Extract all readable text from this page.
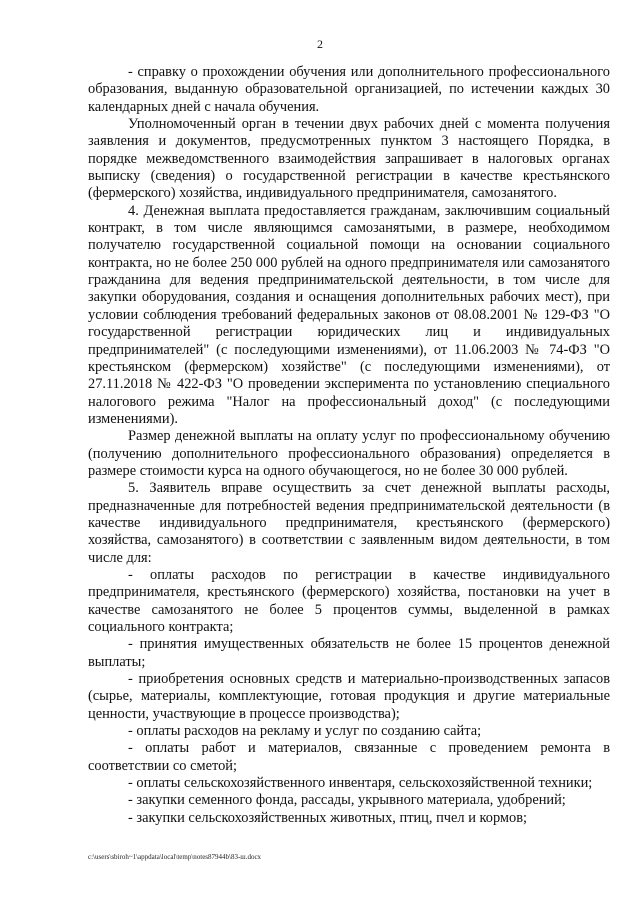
2

- справку о прохождении обучения или дополнительного профессионального образования, выданную образовательной организацией, по истечении каждых 30 календарных дней с начала обучения.

Уполномоченный орган в течении двух рабочих дней с момента получения заявления и документов, предусмотренных пунктом 3 настоящего Порядка, в порядке межведомственного взаимодействия запрашивает в налоговых органах выписку (сведения) о государственной регистрации в качестве крестьянского (фермерского) хозяйства, индивидуального предпринимателя, самозанятого.

4. Денежная выплата предоставляется гражданам, заключившим социальный контракт, в том числе являющимся самозанятыми, в размере, необходимом получателю государственной социальной помощи на основании социального контракта, но не более 250 000 рублей на одного предпринимателя или самозанятого гражданина для ведения предпринимательской деятельности, в том числе для закупки оборудования, создания и оснащения дополнительных рабочих мест), при условии соблюдения требований федеральных законов от 08.08.2001 № 129-ФЗ "О государственной регистрации юридических лиц и индивидуальных предпринимателей" (с последующими изменениями), от 11.06.2003 № 74-ФЗ "О крестьянском (фермерском) хозяйстве" (с последующими изменениями), от 27.11.2018 № 422-ФЗ "О проведении эксперимента по установлению специального налогового режима "Налог на профессиональный доход" (с последующими изменениями).

Размер денежной выплаты на оплату услуг по профессиональному обучению (получению дополнительного профессионального образования) определяется в размере стоимости курса на одного обучающегося, но не более 30 000 рублей.

5. Заявитель вправе осуществить за счет денежной выплаты расходы, предназначенные для потребностей ведения предпринимательской деятельности (в качестве индивидуального предпринимателя, крестьянского (фермерского) хозяйства, самозанятого) в соответствии с заявленным видом деятельности, в том числе для:

- оплаты расходов по регистрации в качестве индивидуального предпринимателя, крестьянского (фермерского) хозяйства, постановки на учет в качестве самозанятого не более 5 процентов суммы, выделенной в рамках социального контракта;

- принятия имущественных обязательств не более 15 процентов денежной выплаты;

- приобретения основных средств и материально-производственных запасов (сырье, материалы, комплектующие, готовая продукция и другие материальные ценности, участвующие в процессе производства);

- оплаты расходов на рекламу и услуг по созданию сайта;

- оплаты работ и материалов, связанные с проведением ремонта в соответствии со сметой;

- оплаты сельскохозяйственного инвентаря, сельскохозяйственной техники;

- закупки семенного фонда, рассады, укрывного материала, удобрений;

- закупки сельскохозяйственных животных, птиц, пчел и кормов;

c:\users\sbiroh~1\appdata\local\temp\notes87944b\83-ш.docx
